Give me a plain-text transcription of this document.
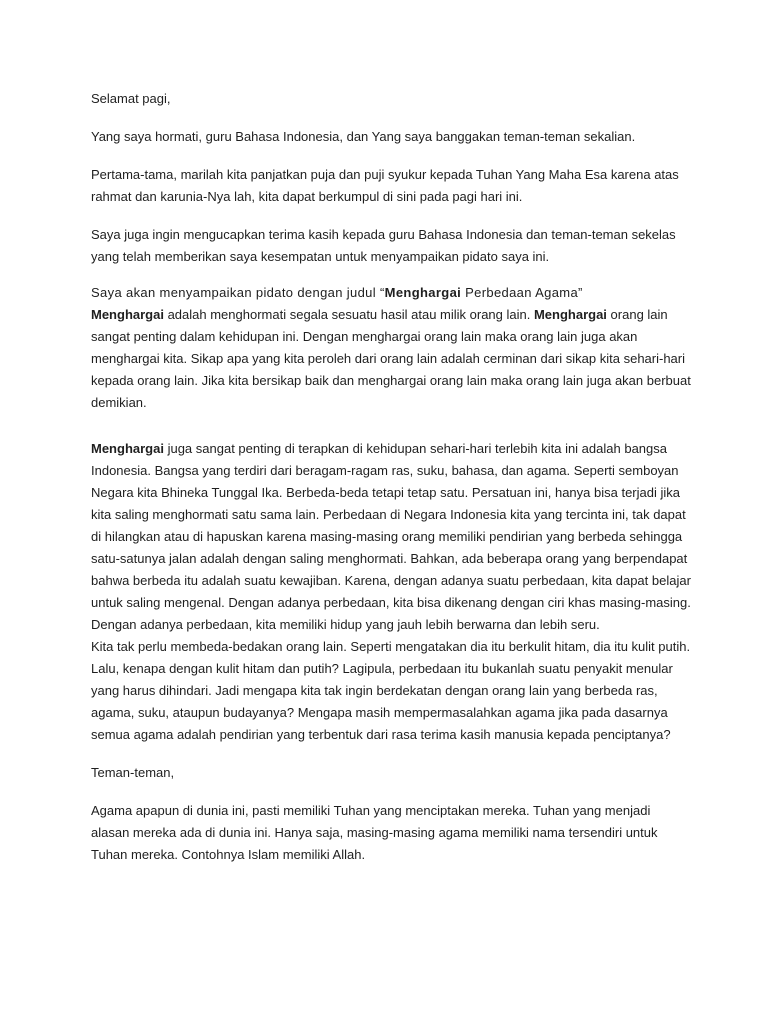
Selamat pagi,

Yang saya hormati, guru Bahasa Indonesia, dan Yang saya banggakan teman-teman sekalian.

Pertama-tama, marilah kita panjatkan puja dan puji syukur kepada Tuhan Yang Maha Esa karena atas rahmat dan karunia-Nya lah, kita dapat berkumpul di sini pada pagi hari ini.

Saya juga ingin mengucapkan terima kasih kepada guru Bahasa Indonesia dan teman-teman sekelas yang telah memberikan saya kesempatan untuk menyampaikan pidato saya ini.

Saya akan menyampaikan pidato dengan judul “Menghargai Perbedaan Agama”

Menghargai adalah menghormati segala sesuatu hasil atau milik orang lain. Menghargai orang lain sangat penting dalam kehidupan ini. Dengan menghargai orang lain maka orang lain juga akan menghargai kita. Sikap apa yang kita peroleh dari orang lain adalah cerminan dari sikap kita sehari-hari kepada orang lain. Jika kita bersikap baik dan menghargai orang lain maka orang lain juga akan berbuat demikian.

Menghargai juga sangat penting di terapkan di kehidupan sehari-hari terlebih kita ini adalah bangsa Indonesia. Bangsa yang terdiri dari beragam-ragam ras, suku, bahasa, dan agama. Seperti semboyan Negara kita Bhineka Tunggal Ika. Berbeda-beda tetapi tetap satu. Persatuan ini, hanya bisa terjadi jika kita saling menghormati satu sama lain. Perbedaan di Negara Indonesia kita yang tercinta ini, tak dapat di hilangkan atau di hapuskan karena masing-masing orang memiliki pendirian yang berbeda sehingga satu-satunya jalan adalah dengan saling menghormati. Bahkan, ada beberapa orang yang berpendapat bahwa berbeda itu adalah suatu kewajiban. Karena, dengan adanya suatu perbedaan, kita dapat belajar untuk saling mengenal. Dengan adanya perbedaan, kita bisa dikenang dengan ciri khas masing-masing. Dengan adanya perbedaan, kita memiliki hidup yang jauh lebih berwarna dan lebih seru.

Kita tak perlu membeda-bedakan orang lain. Seperti mengatakan dia itu berkulit hitam, dia itu kulit putih. Lalu, kenapa dengan kulit hitam dan putih? Lagipula, perbedaan itu bukanlah suatu penyakit menular yang harus dihindari. Jadi mengapa kita tak ingin berdekatan dengan orang lain yang berbeda ras, agama, suku, ataupun budayanya? Mengapa masih mempermasalahkan agama jika pada dasarnya semua agama adalah pendirian yang terbentuk dari rasa terima kasih manusia kepada penciptanya?

Teman-teman,

Agama apapun di dunia ini, pasti memiliki Tuhan yang menciptakan mereka. Tuhan yang menjadi alasan mereka ada di dunia ini. Hanya saja, masing-masing agama memiliki nama tersendiri untuk Tuhan mereka. Contohnya Islam memiliki Allah.
